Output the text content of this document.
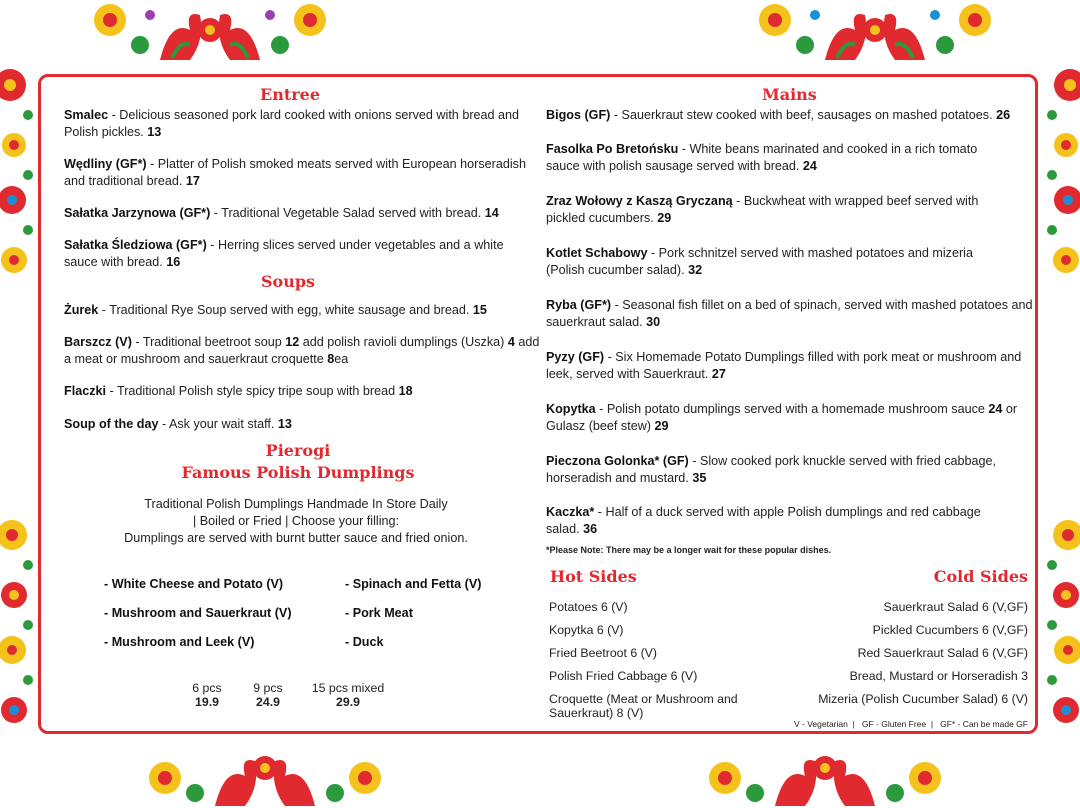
Entree
Smalec - Delicious seasoned pork lard cooked with onions served with bread and Polish pickles. 13
Wędliny (GF*) - Platter of Polish smoked meats served with European horseradish and traditional bread. 17
Sałatka Jarzynowa (GF*) - Traditional Vegetable Salad served with bread. 14
Sałatka Śledziowa (GF*) - Herring slices served under vegetables and a white sauce with bread. 16
Soups
Żurek - Traditional Rye Soup served with egg, white sausage and bread. 15
Barszcz (V) - Traditional beetroot soup 12 add polish ravioli dumplings (Uszka) 4 add a meat or mushroom and sauerkraut croquette 8ea
Flaczki - Traditional Polish style spicy tripe soup with bread 18
Soup of the day - Ask your wait staff. 13
Pierogi
Famous Polish Dumplings
Traditional Polish Dumplings Handmade In Store Daily
| Boiled or Fried | Choose your filling:
Dumplings are served with burnt butter sauce and fried onion.
- White Cheese and Potato (V)	- Spinach and Fetta (V)
- Mushroom and Sauerkraut (V)	- Pork Meat
- Mushroom and Leek (V)	- Duck
6 pcs
19.9
9 pcs
24.9
15 pcs mixed
29.9
Mains
Bigos (GF) - Sauerkraut stew cooked with beef, sausages on mashed potatoes. 26
Fasolka Po Bretońsku - White beans marinated and cooked in a rich tomato sauce with polish sausage served with bread. 24
Zraz Wołowy z Kaszą Gryczaną - Buckwheat with wrapped beef served with pickled cucumbers. 29
Kotlet Schabowy - Pork schnitzel served with mashed potatoes and mizeria (Polish cucumber salad). 32
Ryba (GF*) - Seasonal fish fillet on a bed of spinach, served with mashed potatoes and sauerkraut salad. 30
Pyzy (GF) - Six Homemade Potato Dumplings filled with pork meat or mushroom and leek, served with Sauerkraut. 27
Kopytka - Polish potato dumplings served with a homemade mushroom sauce 24 or Gulasz (beef stew) 29
Pieczona Golonka* (GF) - Slow cooked pork knuckle served with fried cabbage, horseradish and mustard. 35
Kaczka* - Half of a duck served with apple Polish dumplings and red cabbage salad. 36
*Please Note: There may be a longer wait for these popular dishes.
Hot Sides
Potatoes 6 (V)
Kopytka 6 (V)
Fried Beetroot 6 (V)
Polish Fried Cabbage 6 (V)
Croquette (Meat or Mushroom and Sauerkraut) 8 (V)
Cold Sides
Sauerkraut Salad 6 (V,GF)
Pickled Cucumbers 6 (V,GF)
Red Sauerkraut Salad 6 (V,GF)
Bread, Mustard or Horseradish 3
Mizeria (Polish Cucumber Salad) 6 (V)
V - Vegetarian  |   GF - Gluten Free  |   GF* - Can be made GF
